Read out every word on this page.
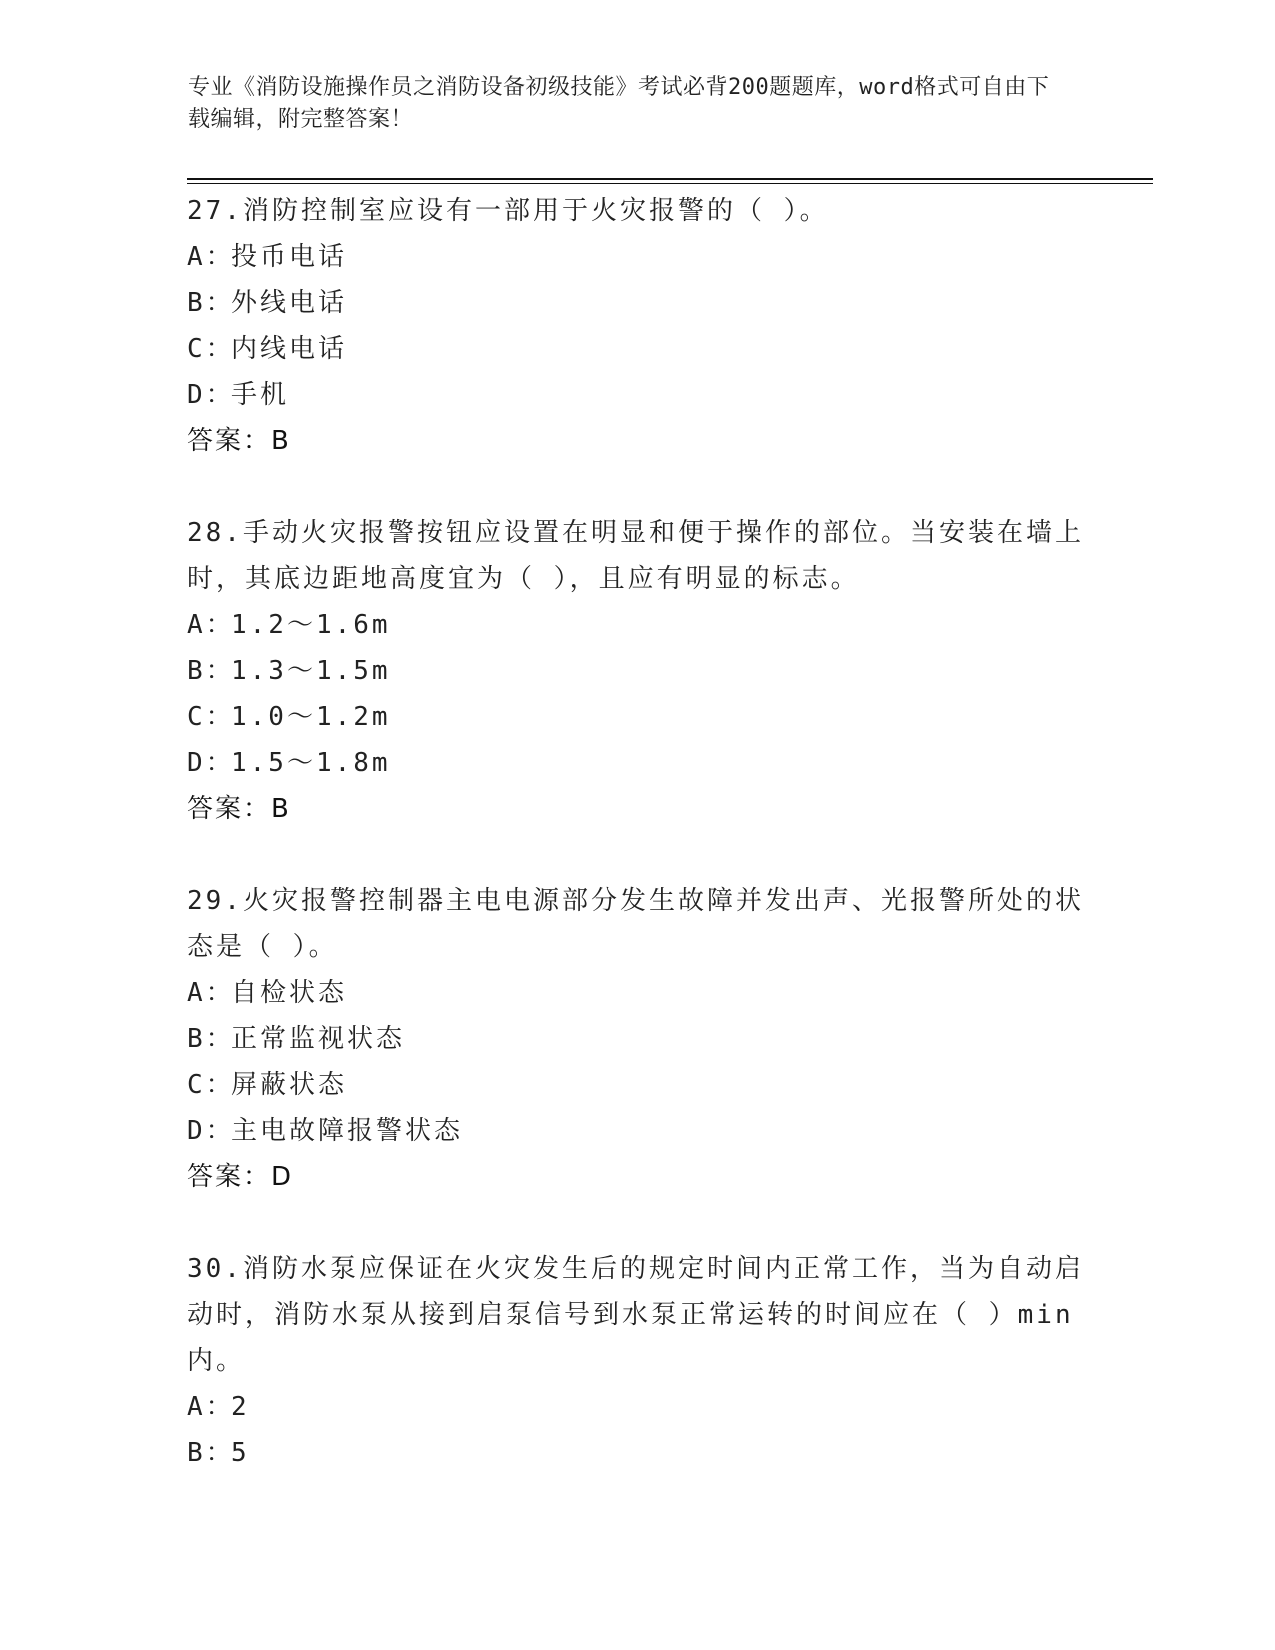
专业《消防设施操作员之消防设备初级技能》考试必背200题题库，word格式可自由下载编辑，附完整答案！

27.消防控制室应设有一部用于火灾报警的（ ）。

A：投币电话

B：外线电话

C：内线电话

D：手机

答案：B

28.手动火灾报警按钮应设置在明显和便于操作的部位。当安装在墙上时，其底边距地高度宜为（ ），且应有明显的标志。

A：1.2～1.6m

B：1.3～1.5m

C：1.0～1.2m

D：1.5～1.8m

答案：B

29.火灾报警控制器主电电源部分发生故障并发出声、光报警所处的状态是（ ）。

A：自检状态

B：正常监视状态

C：屏蔽状态

D：主电故障报警状态

答案：D

30.消防水泵应保证在火灾发生后的规定时间内正常工作，当为自动启动时，消防水泵从接到启泵信号到水泵正常运转的时间应在（ ）min内。

A：2

B：5
